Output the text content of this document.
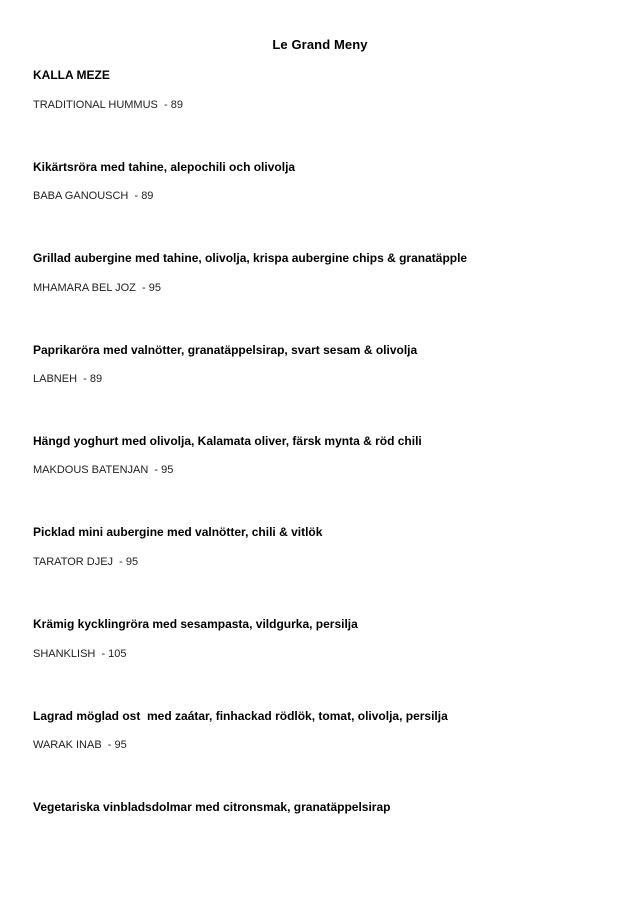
Le Grand Meny
KALLA MEZE
TRADITIONAL HUMMUS  - 89
Kikärtsröra med tahine, alepochili och olivolja
BABA GANOUSCH  - 89
Grillad aubergine med tahine, olivolja, krispa aubergine chips & granatäpple
MHAMARA BEL JOZ  - 95
Paprikaröra med valnötter, granatäppelsirap, svart sesam & olivolja
LABNEH  - 89
Hängd yoghurt med olivolja, Kalamata oliver, färsk mynta & röd chili
MAKDOUS BATENJAN  - 95
Picklad mini aubergine med valnötter, chili & vitlök
TARATOR DJEJ  - 95
Krämig kycklingröra med sesampasta, vildgurka, persilja
SHANKLISH  - 105
Lagrad möglad ost  med zaátar, finhackad rödlök, tomat, olivolja, persilja
WARAK INAB  - 95
Vegetariska vinbladsdolmar med citronsmak, granatäppelsirap
